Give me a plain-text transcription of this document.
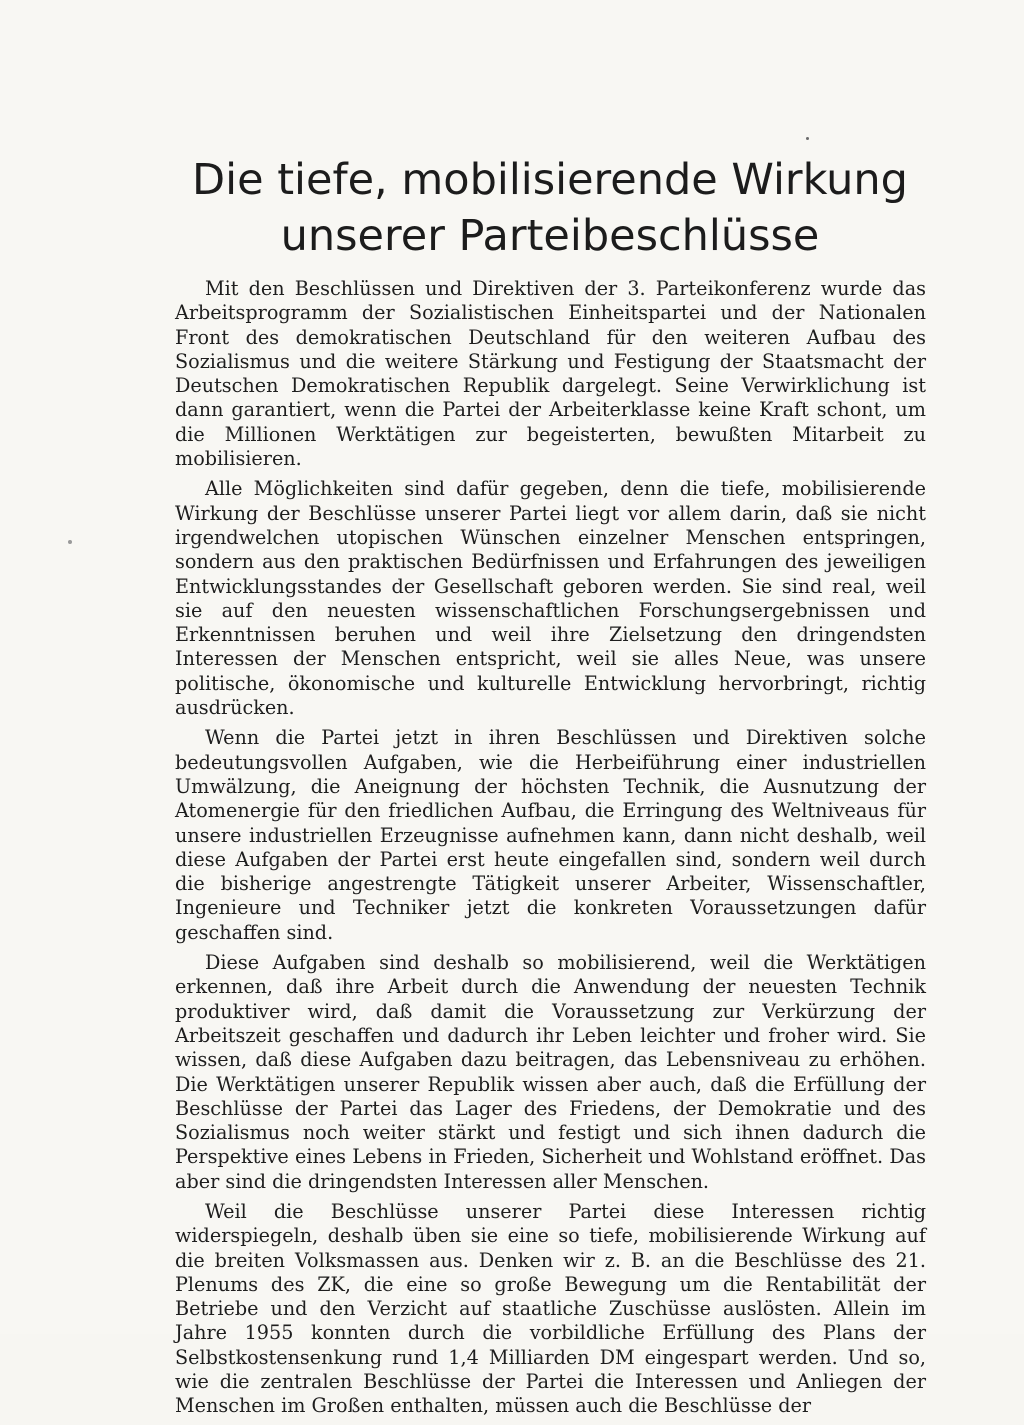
Die tiefe, mobilisierende Wirkung
unserer Parteibeschlüsse

Mit den Beschlüssen und Direktiven der 3. Parteikonferenz wurde das Arbeitsprogramm der Sozialistischen Einheitspartei und der Nationalen Front des demokratischen Deutschland für den weiteren Aufbau des Sozialismus und die weitere Stärkung und Festigung der Staatsmacht der Deutschen Demokratischen Republik dargelegt. Seine Verwirklichung ist dann garantiert, wenn die Partei der Arbeiterklasse keine Kraft schont, um die Millionen Werktätigen zur begeisterten, bewußten Mitarbeit zu mobilisieren.

Alle Möglichkeiten sind dafür gegeben, denn die tiefe, mobilisierende Wirkung der Beschlüsse unserer Partei liegt vor allem darin, daß sie nicht irgendwelchen utopischen Wünschen einzelner Menschen entspringen, sondern aus den praktischen Bedürfnissen und Erfahrungen des jeweiligen Entwicklungsstandes der Gesellschaft geboren werden. Sie sind real, weil sie auf den neuesten wissenschaftlichen Forschungsergebnissen und Erkenntnissen beruhen und weil ihre Zielsetzung den dringendsten Interessen der Menschen entspricht, weil sie alles Neue, was unsere politische, ökonomische und kulturelle Entwicklung hervorbringt, richtig ausdrücken.

Wenn die Partei jetzt in ihren Beschlüssen und Direktiven solche bedeutungsvollen Aufgaben, wie die Herbeiführung einer industriellen Umwälzung, die Aneignung der höchsten Technik, die Ausnutzung der Atomenergie für den friedlichen Aufbau, die Erringung des Weltniveaus für unsere industriellen Erzeugnisse aufnehmen kann, dann nicht deshalb, weil diese Aufgaben der Partei erst heute eingefallen sind, sondern weil durch die bisherige angestrengte Tätigkeit unserer Arbeiter, Wissenschaftler, Ingenieure und Techniker jetzt die konkreten Voraussetzungen dafür geschaffen sind.

Diese Aufgaben sind deshalb so mobilisierend, weil die Werktätigen erkennen, daß ihre Arbeit durch die Anwendung der neuesten Technik produktiver wird, daß damit die Voraussetzung zur Verkürzung der Arbeitszeit geschaffen und dadurch ihr Leben leichter und froher wird. Sie wissen, daß diese Aufgaben dazu beitragen, das Lebensniveau zu erhöhen. Die Werktätigen unserer Republik wissen aber auch, daß die Erfüllung der Beschlüsse der Partei das Lager des Friedens, der Demokratie und des Sozialismus noch weiter stärkt und festigt und sich ihnen dadurch die Perspektive eines Lebens in Frieden, Sicherheit und Wohlstand eröffnet. Das aber sind die dringendsten Interessen aller Menschen.

Weil die Beschlüsse unserer Partei diese Interessen richtig widerspiegeln, deshalb üben sie eine so tiefe, mobilisierende Wirkung auf die breiten Volksmassen aus. Denken wir z. B. an die Beschlüsse des 21. Plenums des ZK, die eine so große Bewegung um die Rentabilität der Betriebe und den Verzicht auf staatliche Zuschüsse auslösten. Allein im Jahre 1955 konnten durch die vorbildliche Erfüllung des Plans der Selbstkostensenkung rund 1,4 Milliarden DM eingespart werden. Und so, wie die zentralen Beschlüsse der Partei die Interessen und Anliegen der Menschen im Großen enthalten, müssen auch die Beschlüsse der
